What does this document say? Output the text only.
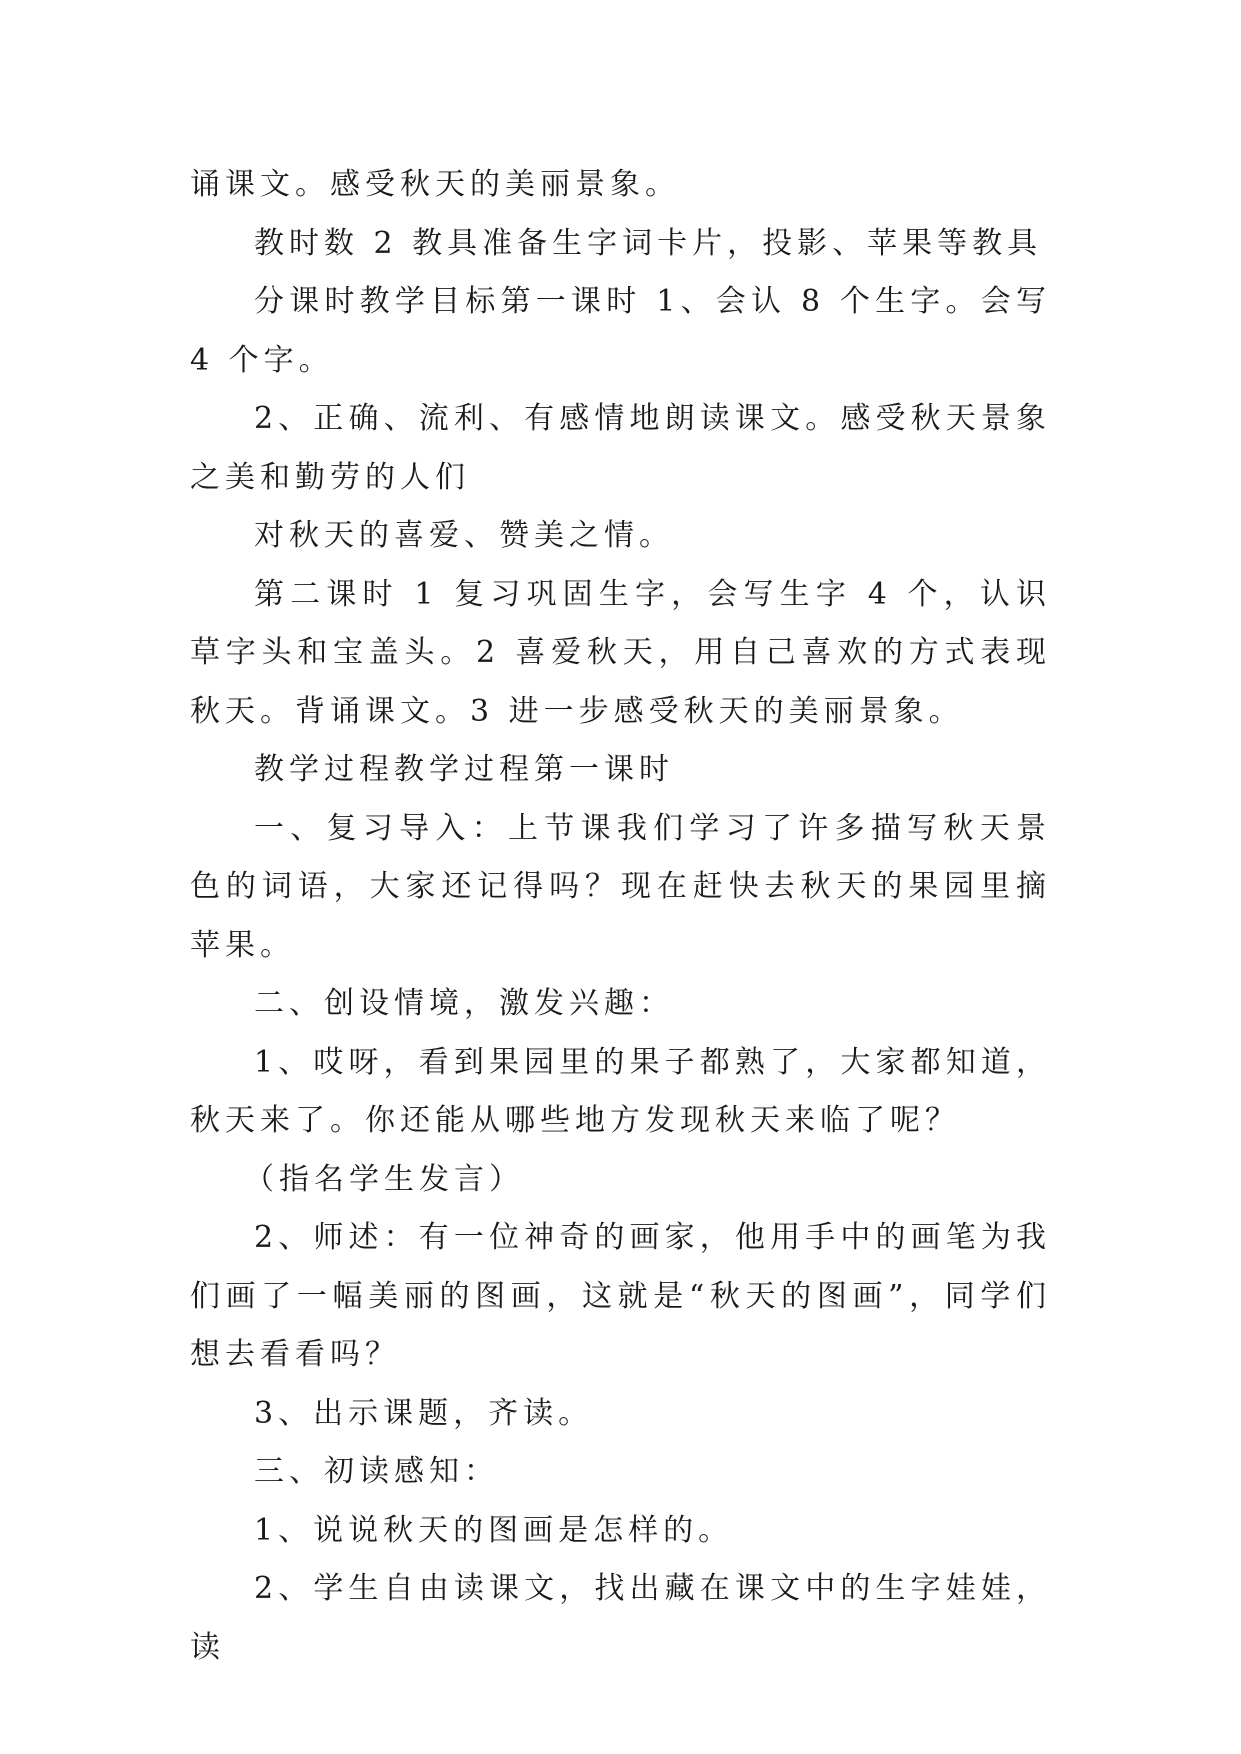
诵课文。感受秋天的美丽景象。

教时数 2 教具准备生字词卡片，投影、苹果等教具

分课时教学目标第一课时 1、会认 8 个生字。会写 4 个字。

2、正确、流利、有感情地朗读课文。感受秋天景象之美和勤劳的人们

对秋天的喜爱、赞美之情。

第二课时 1 复习巩固生字，会写生字 4 个，认识草字头和宝盖头。2 喜爱秋天，用自己喜欢的方式表现秋天。背诵课文。3 进一步感受秋天的美丽景象。

教学过程教学过程第一课时

一、复习导入：上节课我们学习了许多描写秋天景色的词语，大家还记得吗？现在赶快去秋天的果园里摘苹果。

二、创设情境，激发兴趣：

1、哎呀，看到果园里的果子都熟了，大家都知道，秋天来了。你还能从哪些地方发现秋天来临了呢？

（指名学生发言）

2、师述：有一位神奇的画家，他用手中的画笔为我们画了一幅美丽的图画，这就是“秋天的图画”，同学们想去看看吗？

3、出示课题，齐读。

三、初读感知：

1、说说秋天的图画是怎样的。

2、学生自由读课文，找出藏在课文中的生字娃娃，读
